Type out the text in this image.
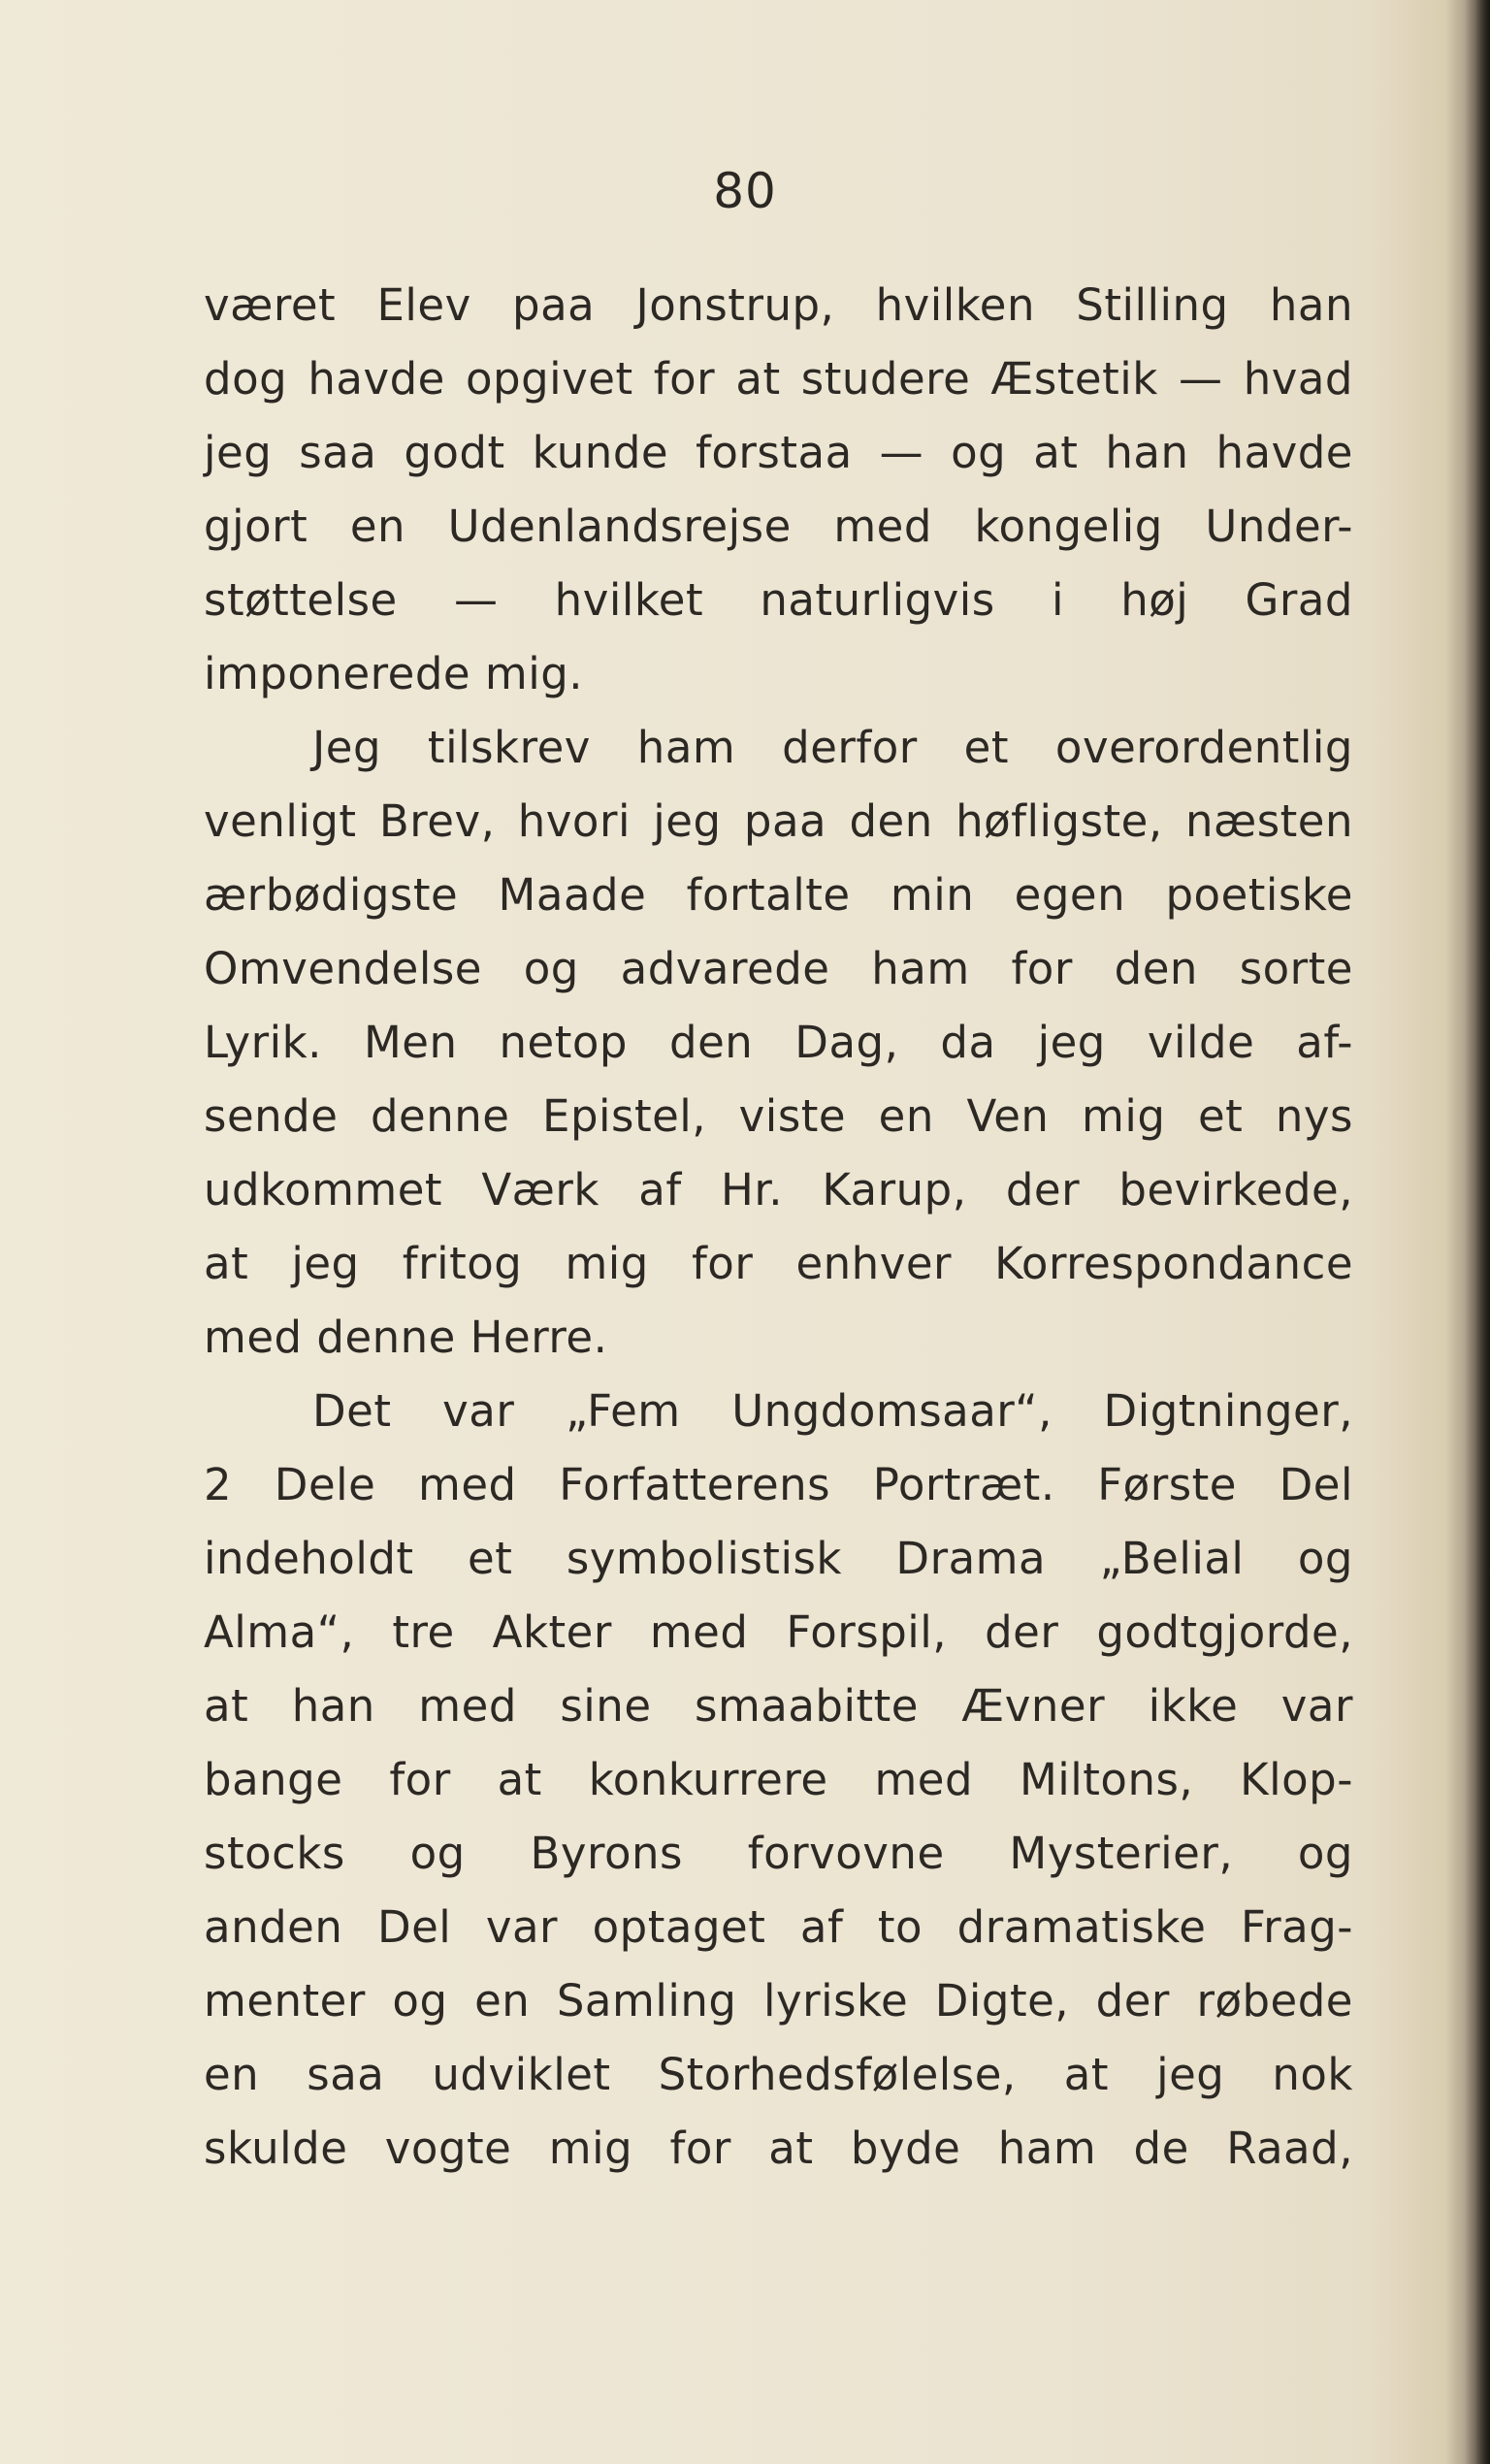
80
været Elev paa Jonstrup, hvilken Stilling han
dog havde opgivet for at studere Æstetik — hvad
jeg saa godt kunde forstaa — og at han havde
gjort en Udenlandsrejse med kongelig Under-
støttelse — hvilket naturligvis i høj Grad
imponerede mig.
Jeg tilskrev ham derfor et overordentlig
venligt Brev, hvori jeg paa den høfligste, næsten
ærbødigste Maade fortalte min egen poetiske
Omvendelse og advarede ham for den sorte
Lyrik. Men netop den Dag, da jeg vilde af-
sende denne Epistel, viste en Ven mig et nys
udkommet Værk af Hr. Karup, der bevirkede,
at jeg fritog mig for enhver Korrespondance
med denne Herre.
Det var „Fem Ungdomsaar“, Digtninger,
2 Dele med Forfatterens Portræt. Første Del
indeholdt et symbolistisk Drama „Belial og
Alma“, tre Akter med Forspil, der godtgjorde,
at han med sine smaabitte Ævner ikke var
bange for at konkurrere med Miltons, Klop-
stocks og Byrons forvovne Mysterier, og
anden Del var optaget af to dramatiske Frag-
menter og en Samling lyriske Digte, der røbede
en saa udviklet Storhedsfølelse, at jeg nok
skulde vogte mig for at byde ham de Raad,
